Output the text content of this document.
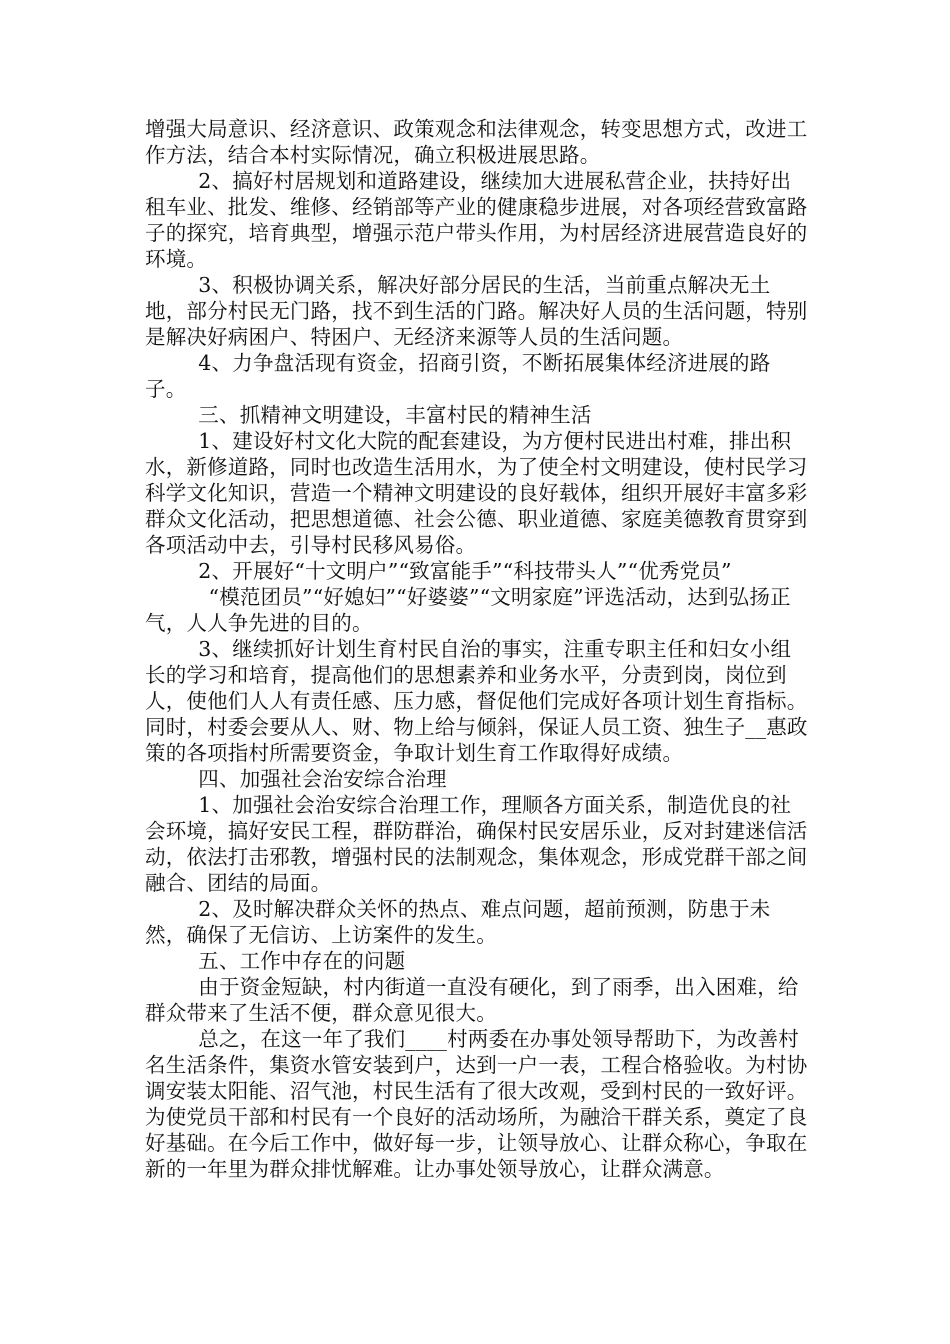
增强大局意识、经济意识、政策观念和法律观念，转变思想方式，改进工作方法，结合本村实际情况，确立积极进展思路。

2、搞好村居规划和道路建设，继续加大进展私营企业，扶持好出租车业、批发、维修、经销部等产业的健康稳步进展，对各项经营致富路子的探究，培育典型，增强示范户带头作用，为村居经济进展营造良好的环境。

3、积极协调关系，解决好部分居民的生活，当前重点解决无土地，部分村民无门路，找不到生活的门路。解决好人员的生活问题，特别是解决好病困户、特困户、无经济来源等人员的生活问题。

4、力争盘活现有资金，招商引资，不断拓展集体经济进展的路子。

三、抓精神文明建设，丰富村民的精神生活

1、建设好村文化大院的配套建设，为方便村民进出村难，排出积水，新修道路，同时也改造生活用水，为了使全村文明建设，使村民学习科学文化知识，营造一个精神文明建设的良好载体，组织开展好丰富多彩群众文化活动，把思想道德、社会公德、职业道德、家庭美德教育贯穿到各项活动中去，引导村民移风易俗。

2、开展好“十文明户”“致富能手”“科技带头人”“优秀党员”

“模范团员”“好媳妇”“好婆婆”“文明家庭”评选活动，达到弘扬正气，人人争先进的目的。

3、继续抓好计划生育村民自治的事实，注重专职主任和妇女小组长的学习和培育，提高他们的思想素养和业务水平，分责到岗，岗位到人，使他们人人有责任感、压力感，督促他们完成好各项计划生育指标。同时，村委会要从人、财、物上给与倾斜，保证人员工资、独生子__惠政策的各项指村所需要资金，争取计划生育工作取得好成绩。

四、加强社会治安综合治理

1、加强社会治安综合治理工作，理顺各方面关系，制造优良的社会环境，搞好安民工程，群防群治，确保村民安居乐业，反对封建迷信活动，依法打击邪教，增强村民的法制观念，集体观念，形成党群干部之间融合、团结的局面。

2、及时解决群众关怀的热点、难点问题，超前预测，防患于未然，确保了无信访、上访案件的发生。

五、工作中存在的问题

由于资金短缺，村内街道一直没有硬化，到了雨季，出入困难，给群众带来了生活不便，群众意见很大。

总之，在这一年了我们____村两委在办事处领导帮助下，为改善村名生活条件，集资水管安装到户，达到一户一表，工程合格验收。为村协调安装太阳能、沼气池，村民生活有了很大改观，受到村民的一致好评。为使党员干部和村民有一个良好的活动场所，为融洽干群关系，奠定了良好基础。在今后工作中，做好每一步，让领导放心、让群众称心，争取在新的一年里为群众排忧解难。让办事处领导放心，让群众满意。
